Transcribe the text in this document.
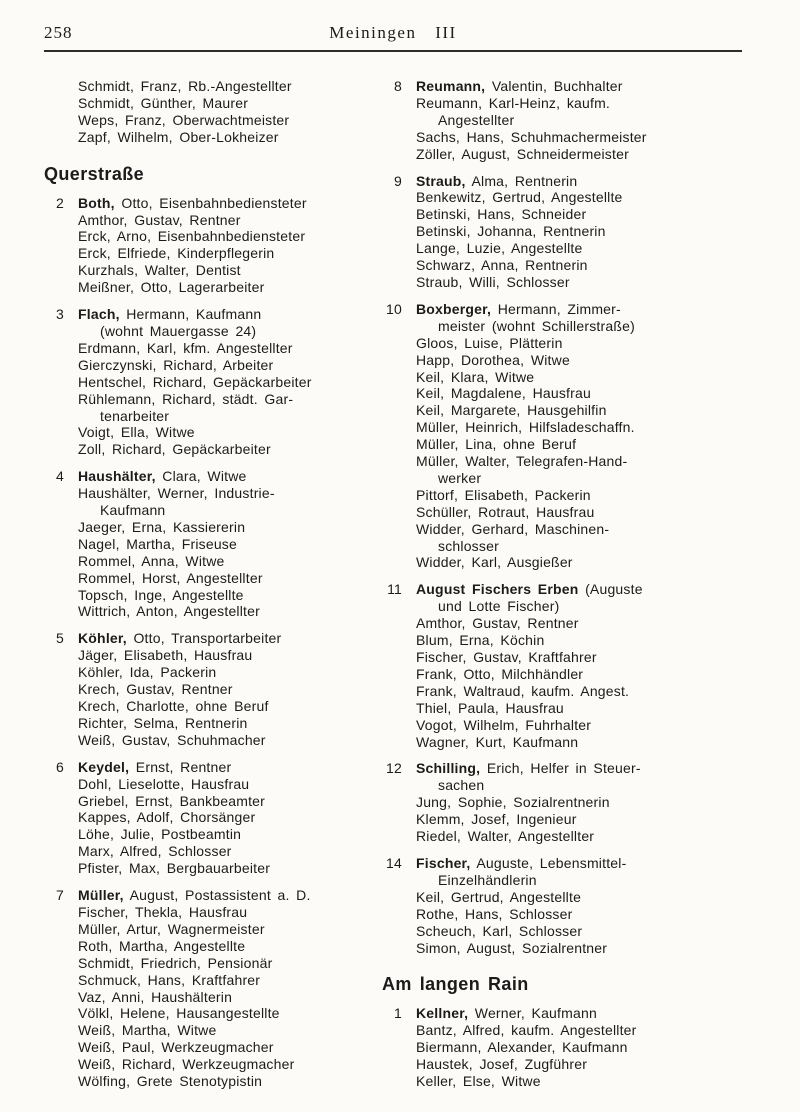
258	Meiningen III
Schmidt, Franz, Rb.-Angestellter
Schmidt, Günther, Maurer
Weps, Franz, Oberwachtmeister
Zapf, Wilhelm, Ober-Lokheizer
Querstraße
2 Both, Otto, Eisenbahnbediensteter
Amthor, Gustav, Rentner
Erck, Arno, Eisenbahnbediensteter
Erck, Elfriede, Kinderpflegerin
Kurzhals, Walter, Dentist
Meißner, Otto, Lagerarbeiter
3 Flach, Hermann, Kaufmann
(wohnt Mauergasse 24)
Erdmann, Karl, kfm. Angestellter
Gierczynski, Richard, Arbeiter
Hentschel, Richard, Gepäckarbeiter
Rühlemann, Richard, städt. Gar-
tenarbeiter
Voigt, Ella, Witwe
Zoll, Richard, Gepäckarbeiter
4 Haushälter, Clara, Witwe
Haushälter, Werner, Industrie-
Kaufmann
Jaeger, Erna, Kassiererin
Nagel, Martha, Friseuse
Rommel, Anna, Witwe
Rommel, Horst, Angestellter
Topsch, Inge, Angestellte
Wittrich, Anton, Angestellter
5 Köhler, Otto, Transportarbeiter
Jäger, Elisabeth, Hausfrau
Köhler, Ida, Packerin
Krech, Gustav, Rentner
Krech, Charlotte, ohne Beruf
Richter, Selma, Rentnerin
Weiß, Gustav, Schuhmacher
6 Keydel, Ernst, Rentner
Dohl, Lieselotte, Hausfrau
Griebel, Ernst, Bankbeamter
Kappes, Adolf, Chorsänger
Löhe, Julie, Postbeamtin
Marx, Alfred, Schlosser
Pfister, Max, Bergbauarbeiter
7 Müller, August, Postassistent a. D.
Fischer, Thekla, Hausfrau
Müller, Artur, Wagnermeister
Roth, Martha, Angestellte
Schmidt, Friedrich, Pensionär
Schmuck, Hans, Kraftfahrer
Vaz, Anni, Haushälterin
Völkl, Helene, Hausangestellte
Weiß, Martha, Witwe
Weiß, Paul, Werkzeugmacher
Weiß, Richard, Werkzeugmacher
Wölfing, Grete Stenotypistin
8 Reumann, Valentin, Buchhalter
Reumann, Karl-Heinz, kaufm.
Angestellter
Sachs, Hans, Schuhmachermeister
Zöller, August, Schneidermeister
9 Straub, Alma, Rentnerin
Benkewitz, Gertrud, Angestellte
Betinski, Hans, Schneider
Betinski, Johanna, Rentnerin
Lange, Luzie, Angestellte
Schwarz, Anna, Rentnerin
Straub, Willi, Schlosser
10 Boxberger, Hermann, Zimmer-
meister (wohnt Schillerstraße)
Gloos, Luise, Plätterin
Happ, Dorothea, Witwe
Keil, Klara, Witwe
Keil, Magdalene, Hausfrau
Keil, Margarete, Hausgehilfin
Müller, Heinrich, Hilfsladeschaffn.
Müller, Lina, ohne Beruf
Müller, Walter, Telegrafen-Hand-
werker
Pittorf, Elisabeth, Packerin
Schüller, Rotraut, Hausfrau
Widder, Gerhard, Maschinen-
schlosser
Widder, Karl, Ausgießer
11 August Fischers Erben (Auguste
und Lotte Fischer)
Amthor, Gustav, Rentner
Blum, Erna, Köchin
Fischer, Gustav, Kraftfahrer
Frank, Otto, Milchhändler
Frank, Waltraud, kaufm. Angest.
Thiel, Paula, Hausfrau
Vogot, Wilhelm, Fuhrhalter
Wagner, Kurt, Kaufmann
12 Schilling, Erich, Helfer in Steuer-
sachen
Jung, Sophie, Sozialrentnerin
Klemm, Josef, Ingenieur
Riedel, Walter, Angestellter
14 Fischer, Auguste, Lebensmittel-
Einzelhändlerin
Keil, Gertrud, Angestellte
Rothe, Hans, Schlosser
Scheuch, Karl, Schlosser
Simon, August, Sozialrentner
Am langen Rain
1 Kellner, Werner, Kaufmann
Bantz, Alfred, kaufm. Angestellter
Biermann, Alexander, Kaufmann
Haustek, Josef, Zugführer
Keller, Else, Witwe
